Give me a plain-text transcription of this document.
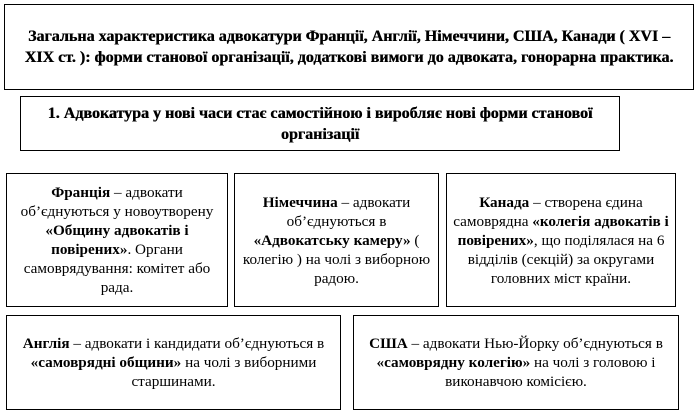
Загальна характеристика адвокатури Франції, Англії, Німеччини, США, Канади ( XVI – XIX ст. ): форми станової організації, додаткові вимоги до адвоката, гонорарна практика.

1. Адвокатура у нові часи стає самостійною і виробляє нові форми станової організації

Франція – адвокати об’єднуються у новоутворену «Общину адвокатів і повірених». Органи самоврядування: комітет або рада.

Німеччина – адвокати об’єднуються в «Адвокатську камеру» ( колегію ) на чолі з виборною радою.

Канада – створена єдина самоврядна «колегія адвокатів і повірених», що поділялася на 6 відділів (секцій) за округами головних міст країни.

Англія – адвокати і кандидати об’єднуються в «самоврядні общини» на чолі з виборними старшинами.

США – адвокати Нью-Йорку об’єднуються в «самоврядну колегію» на чолі з головою і виконавчою комісією.
